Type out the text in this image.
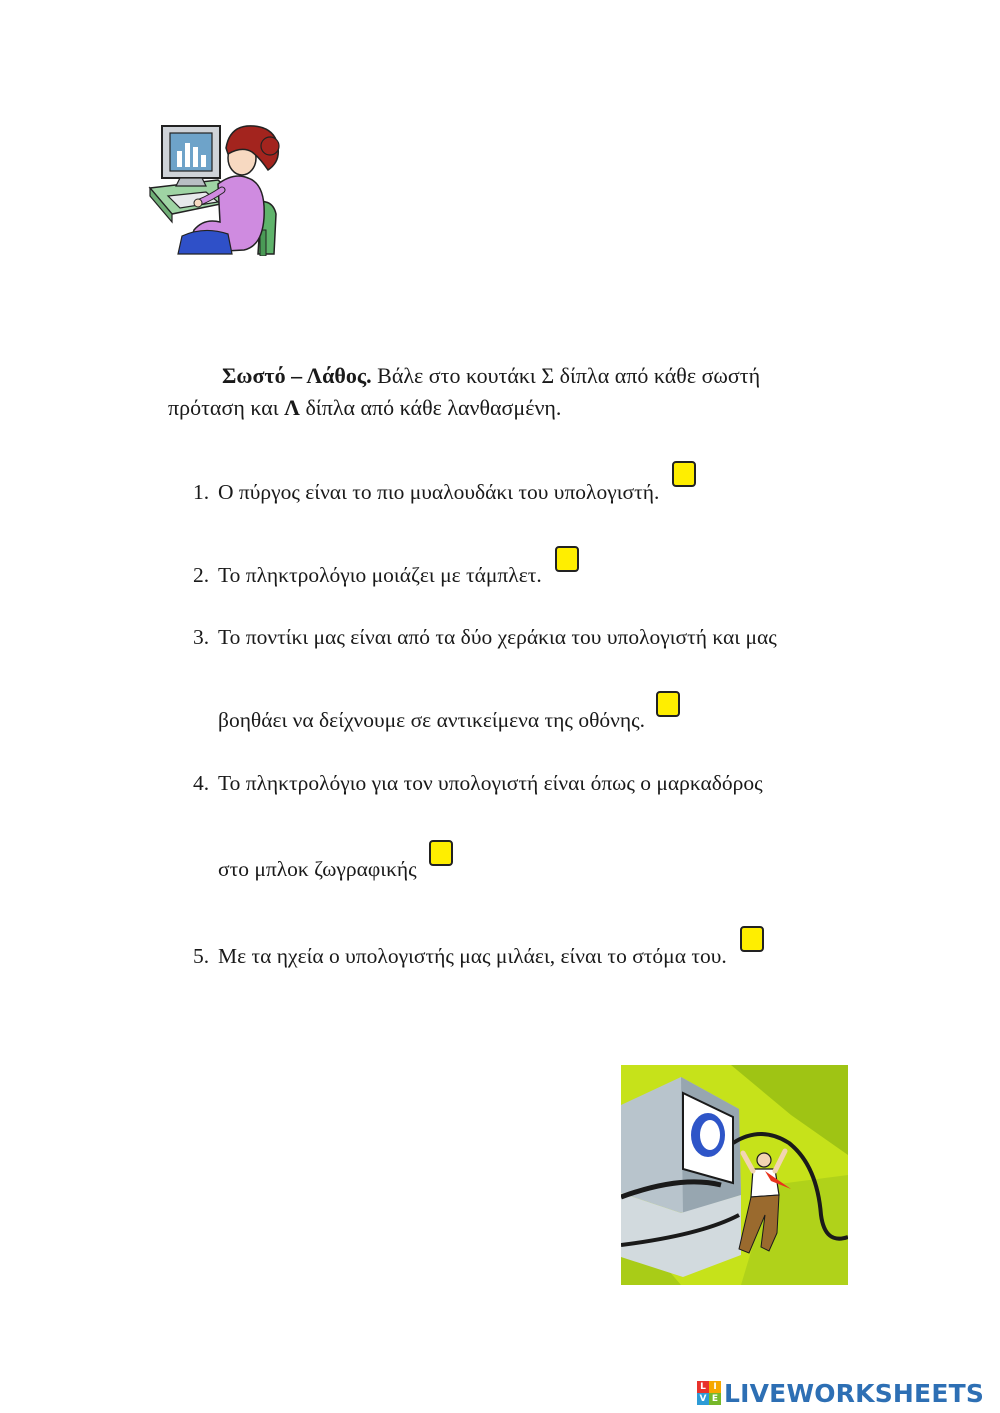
Σωστό – Λάθος. Βάλε στο κουτάκι Σ δίπλα από κάθε σωστή
πρόταση και Λ δίπλα από κάθε λανθασμένη.
1. Ο πύργος είναι το πιο μυαλουδάκι του υπολογιστή.
2. Το πληκτρολόγιο μοιάζει με τάμπλετ.
3. Το ποντίκι μας είναι από τα δύο χεράκια του υπολογιστή και μας
βοηθάει να δείχνουμε σε αντικείμενα της οθόνης.
4. Το πληκτρολόγιο για τον υπολογιστή είναι όπως ο μαρκαδόρος
στο μπλοκ ζωγραφικής
5. Με τα ηχεία ο υπολογιστής μας μιλάει, είναι το στόμα του.
L I
V E LIVEWORKSHEETS
